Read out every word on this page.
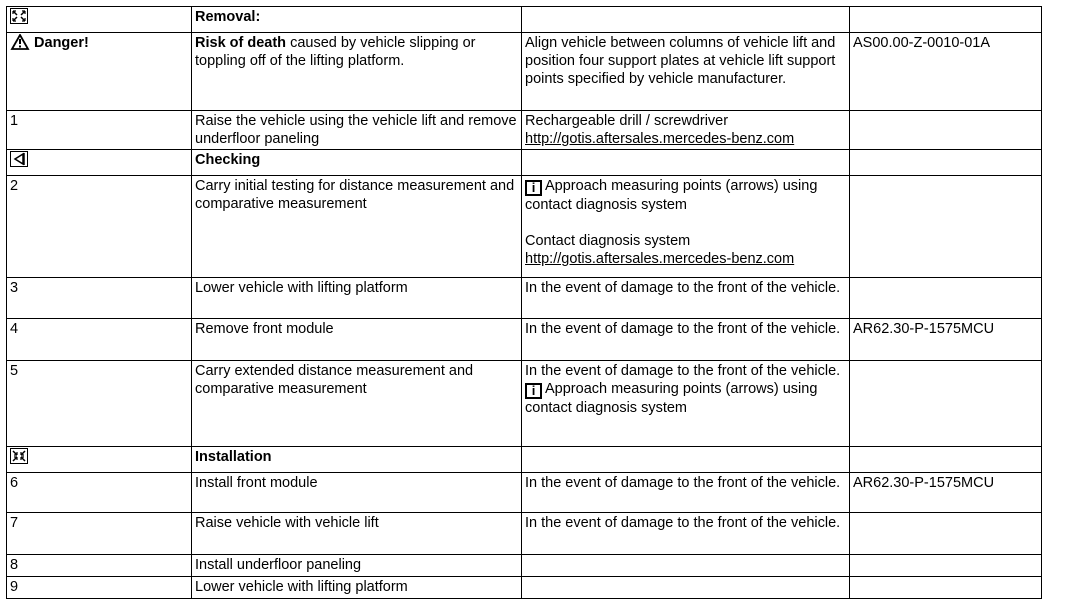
	Removal:		
Danger!	Risk of death caused by vehicle slipping or toppling off of the lifting platform.	Align vehicle between columns of vehicle lift and position four support plates at vehicle lift support points specified by vehicle manufacturer.	AS00.00-Z-0010-01A
1	Raise the vehicle using the vehicle lift and remove underfloor paneling	Rechargeable drill / screwdriver
http://gotis.aftersales.mercedes-benz.com	

	Checking		
2	Carry initial testing for distance measurement and comparative measurement	i Approach measuring points (arrows) using contact diagnosis system
Contact diagnosis system
http://gotis.aftersales.mercedes-benz.com	

3	Lower vehicle with lifting platform	In the event of damage to the front of the vehicle.	
4	Remove front module	In the event of damage to the front of the vehicle.	AR62.30-P-1575MCU
5	Carry extended distance measurement and comparative measurement	In the event of damage to the front of the vehicle.
i Approach measuring points (arrows) using contact diagnosis system	

	Installation		
6	Install front module	In the event of damage to the front of the vehicle.	AR62.30-P-1575MCU
7	Raise vehicle with vehicle lift	In the event of damage to the front of the vehicle.	
8	Install underfloor paneling		
9	Lower vehicle with lifting platform		
